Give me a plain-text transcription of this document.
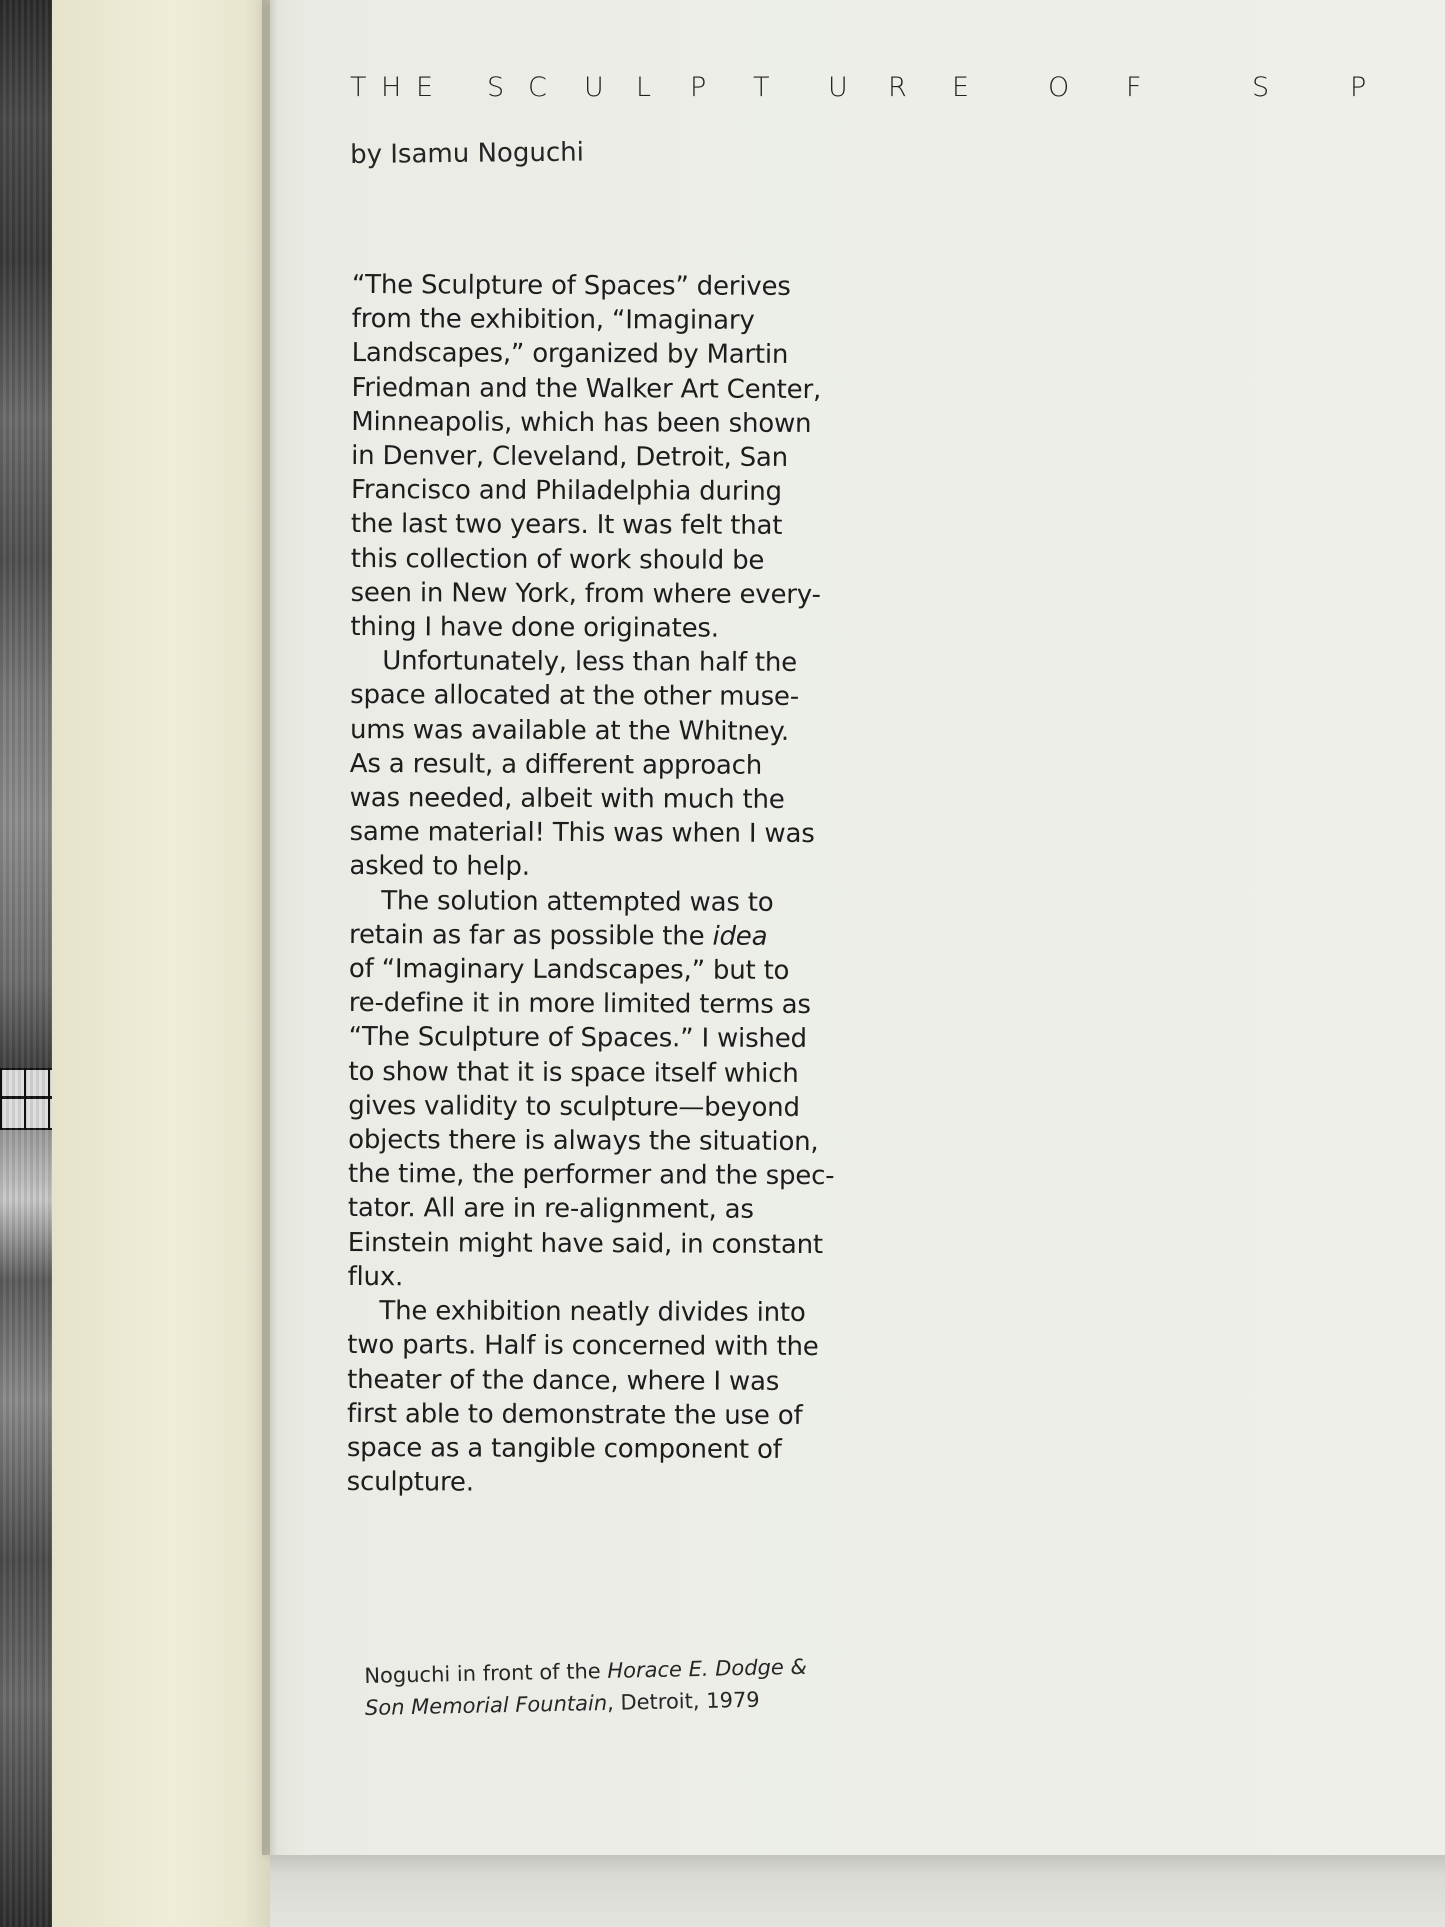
T H E S C U L P T U R E	O F	S	P
by Isamu Noguchi
“The Sculpture of Spaces” derives
from the exhibition, “Imaginary
Landscapes,” organized by Martin
Friedman and the Walker Art Center,
Minneapolis, which has been shown
in Denver, Cleveland, Detroit, San
Francisco and Philadelphia during
the last two years. It was felt that
this collection of work should be
seen in New York, from where every-
thing I have done originates.
Unfortunately, less than half the
space allocated at the other muse-
ums was available at the Whitney.
As a result, a different approach
was needed, albeit with much the
same material! This was when I was
asked to help.
The solution attempted was to
retain as far as possible the idea
of “Imaginary Landscapes,” but to
re-define it in more limited terms as
“The Sculpture of Spaces.” I wished
to show that it is space itself which
gives validity to sculpture—beyond
objects there is always the situation,
the time, the performer and the spec-
tator. All are in re-alignment, as
Einstein might have said, in constant
flux.
The exhibition neatly divides into
two parts. Half is concerned with the
theater of the dance, where I was
first able to demonstrate the use of
space as a tangible component of
sculpture.
Noguchi in front of the Horace E. Dodge &
Son Memorial Fountain, Detroit, 1979
